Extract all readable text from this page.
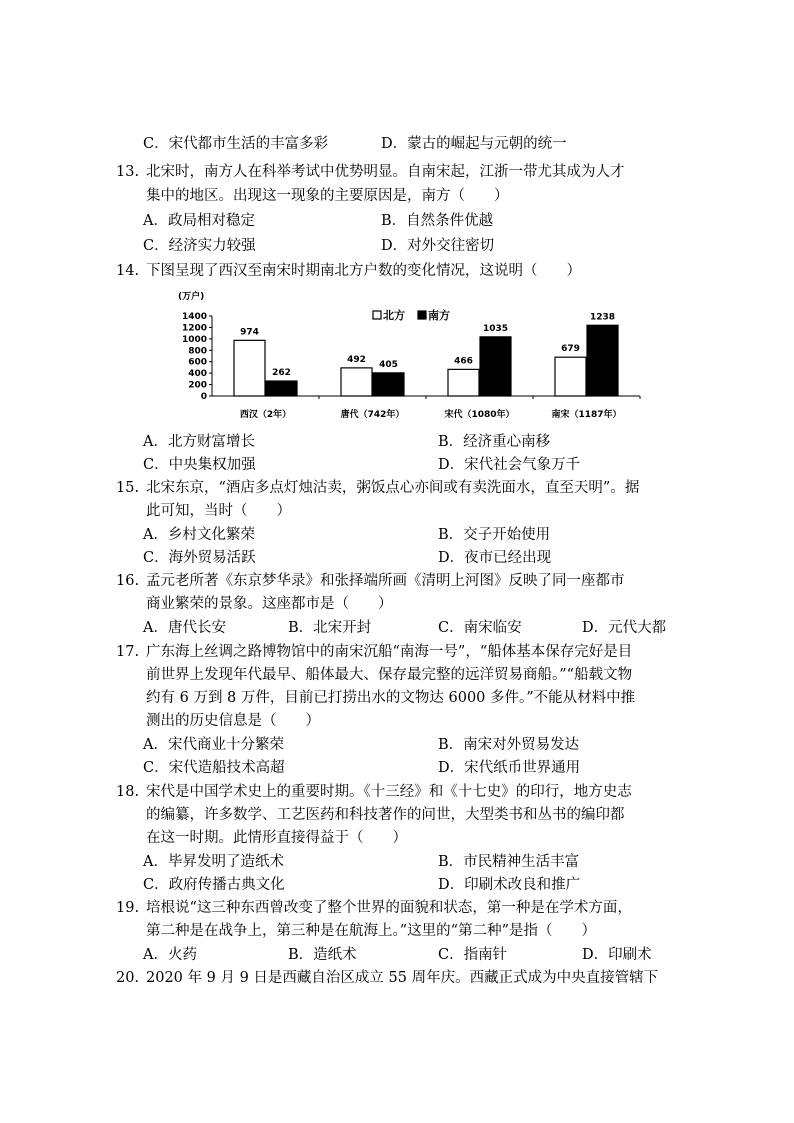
C．宋代都市生活的丰富多彩	D．蒙古的崛起与元朝的统一
13. 北宋时，南方人在科举考试中优势明显。自南宋起，江浙一带尤其成为人才
集中的地区。出现这一现象的主要原因是，南方（　　）
A．政局相对稳定	B．自然条件优越
C．经济实力较强	D．对外交往密切
14. 下图呈现了西汉至南宋时期南北方户数的变化情况，这说明（　　）
(万户)
0
200
400
600
800
1000
1200
1400
974
262
西汉（2年）
492 405
唐代（742年）
466
1035
宋代（1080年）
679
1238
南宋（1187年）
北方 南方
A．北方财富增长	B．经济重心南移
C．中央集权加强	D．宋代社会气象万千
15. 北宋东京，“酒店多点灯烛沽卖，粥饭点心亦间或有卖洗面水，直至天明”。据
此可知，当时（　　）
A．乡村文化繁荣	B．交子开始使用
C．海外贸易活跃	D．夜市已经出现
16. 孟元老所著《东京梦华录》和张择端所画《清明上河图》反映了同一座都市
商业繁荣的景象。这座都市是（　　）
A．唐代长安	B．北宋开封	C．南宋临安	D．元代大都
17. 广东海上丝调之路博物馆中的南宋沉船“南海一号”，“船体基本保存完好是目
前世界上发现年代最早、船体最大、保存最完整的远洋贸易商船。”“船载文物
约有 6 万到 8 万件，目前已打捞出水的文物达 6000 多件。”不能从材料中推
测出的历史信息是（　　）
A．宋代商业十分繁荣	B．南宋对外贸易发达
C．宋代造船技术高超	D．宋代纸币世界通用
18. 宋代是中国学术史上的重要时期。《十三经》和《十七史》的印行，地方史志
的编纂，许多数学、工艺医药和科技著作的问世，大型类书和丛书的编印都
在这一时期。此情形直接得益于（　　）
A．毕昇发明了造纸术	B．市民精神生活丰富
C．政府传播古典文化	D．印刷术改良和推广
19. 培根说“这三种东西曾改变了整个世界的面貌和状态，第一种是在学术方面，
第二种是在战争上，第三种是在航海上。”这里的“第二种”是指（　　）
A．火药	B．造纸术	C．指南针	D．印刷术
20. 2020 年 9 月 9 日是西藏自治区成立 55 周年庆。西藏正式成为中央直接管辖下
